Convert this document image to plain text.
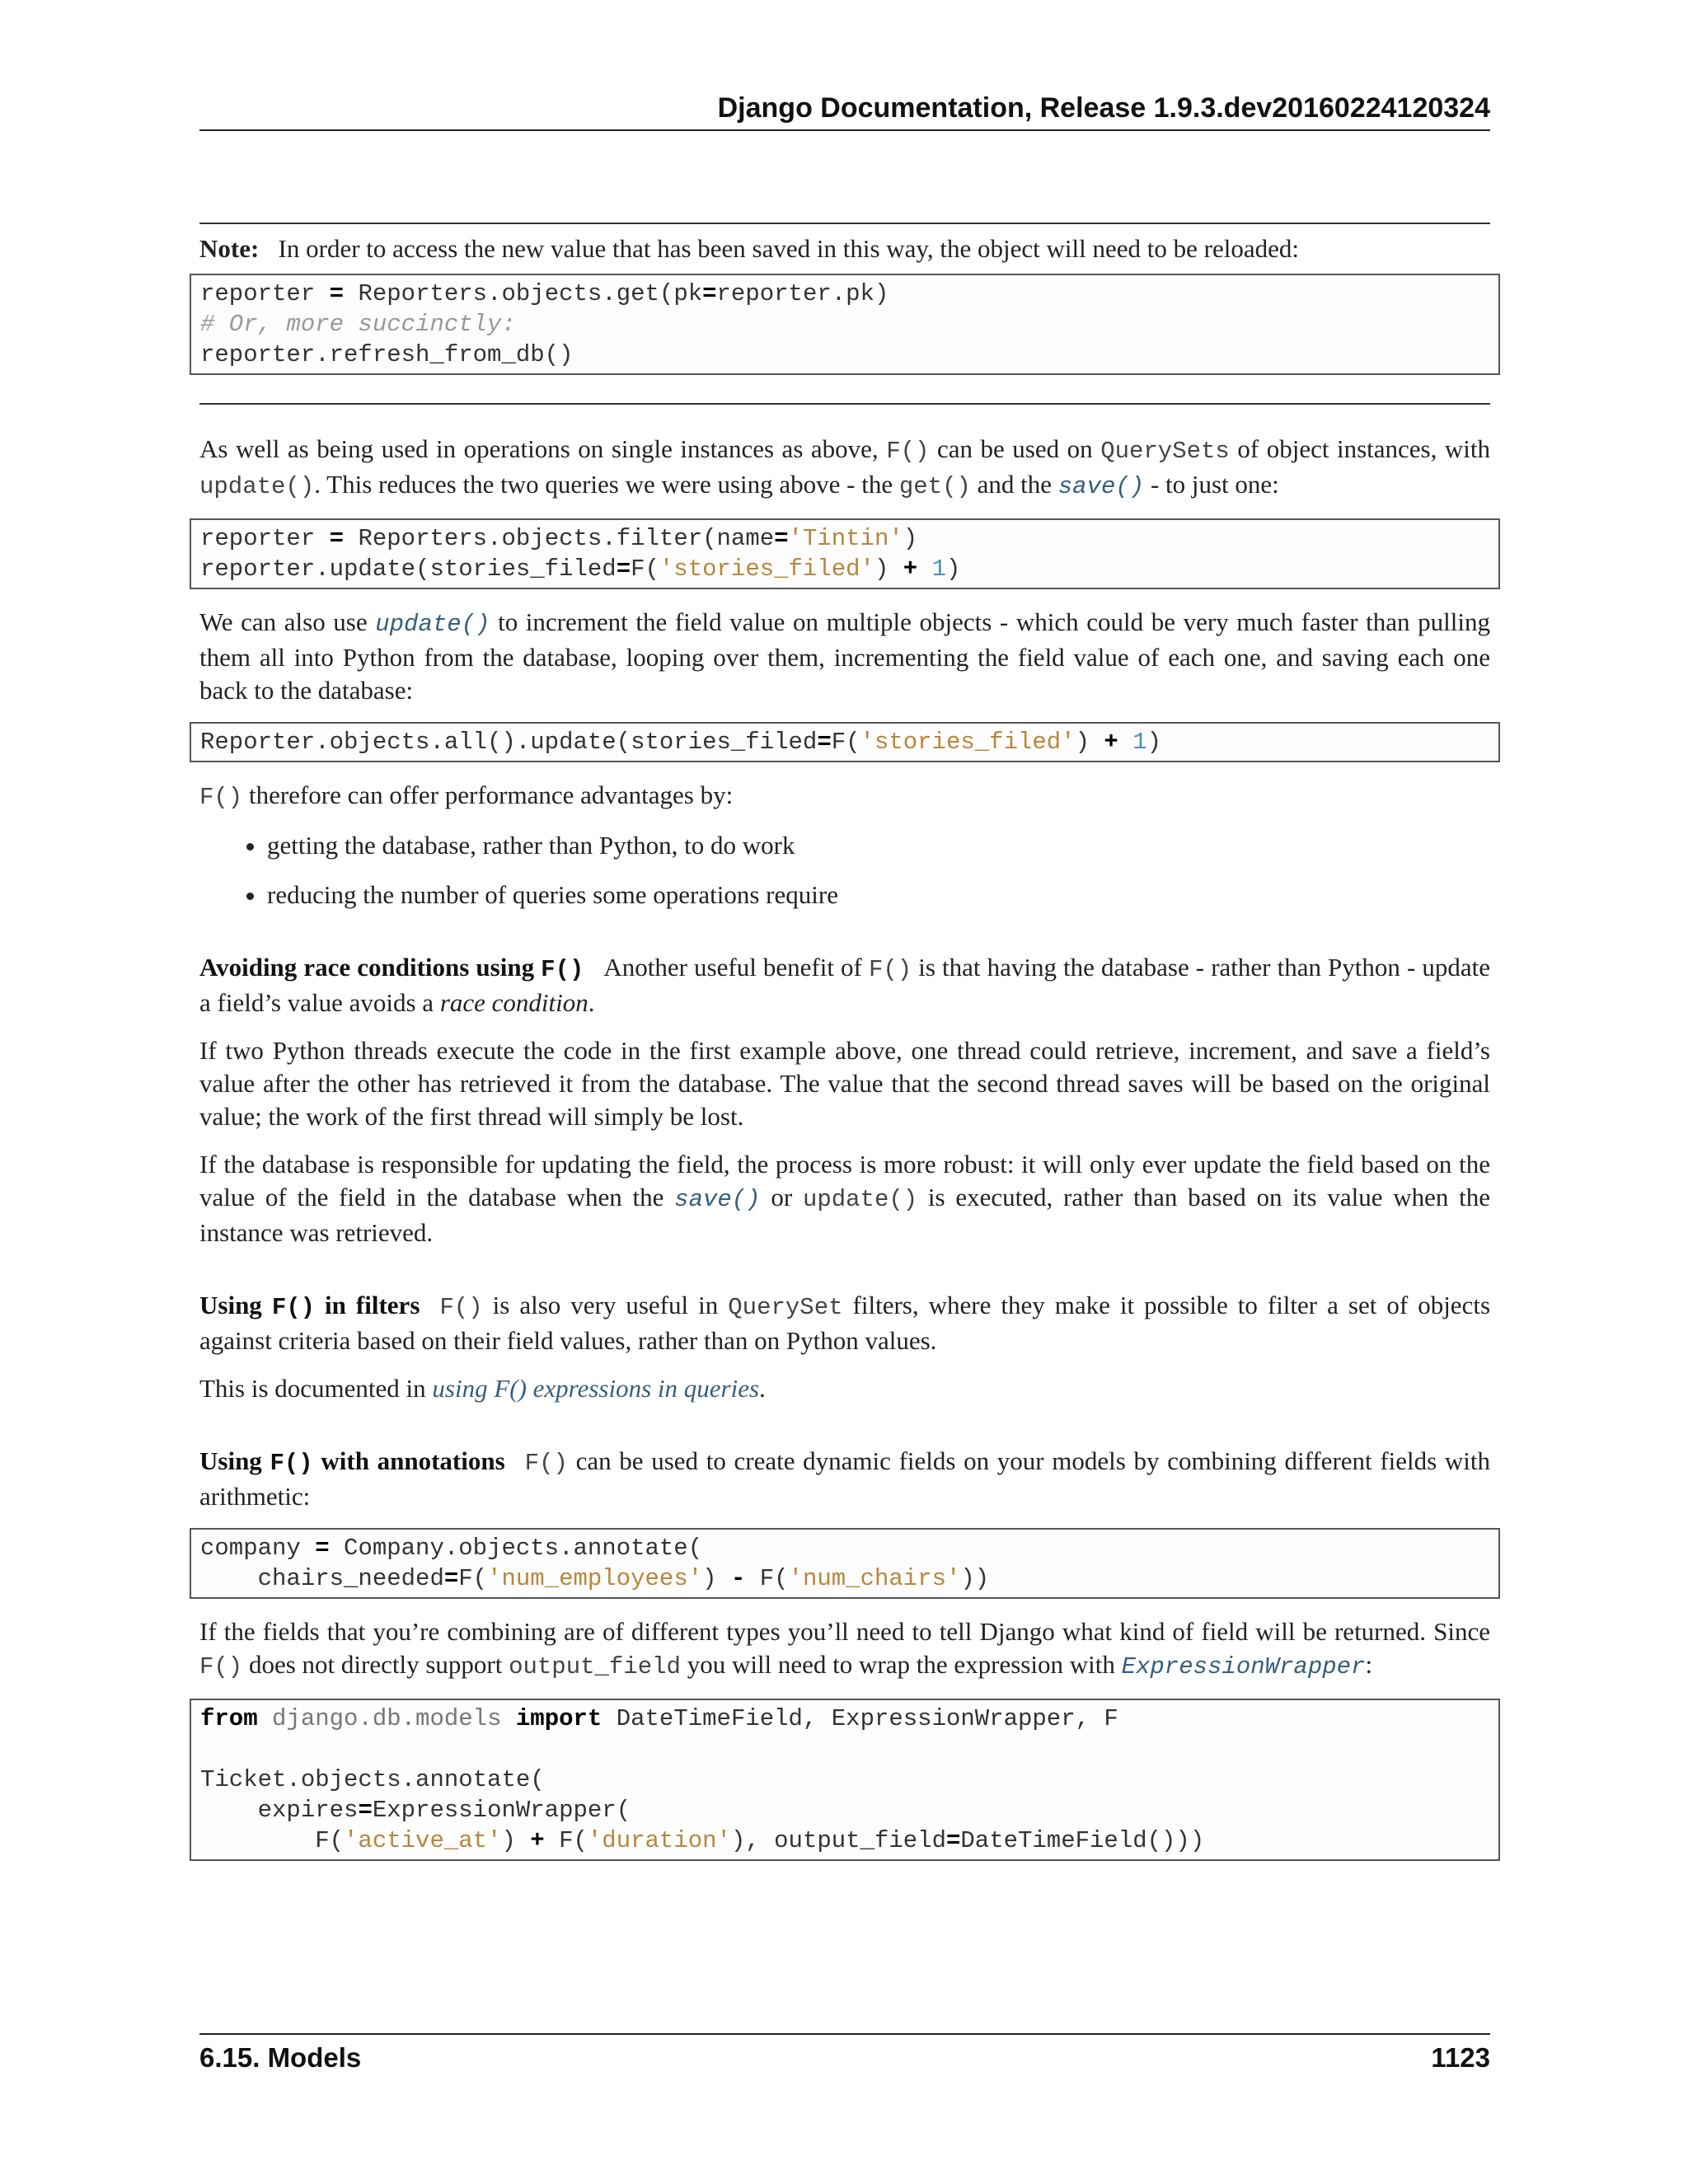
Django Documentation, Release 1.9.3.dev20160224120324

Note: In order to access the new value that has been saved in this way, the object will need to be reloaded:

reporter = Reporters.objects.get(pk=reporter.pk)
# Or, more succinctly:
reporter.refresh_from_db()

As well as being used in operations on single instances as above, F() can be used on QuerySets of object instances, with update(). This reduces the two queries we were using above - the get() and the save() - to just one:

reporter = Reporters.objects.filter(name='Tintin')
reporter.update(stories_filed=F('stories_filed') + 1)

We can also use update() to increment the field value on multiple objects - which could be very much faster than pulling them all into Python from the database, looping over them, incrementing the field value of each one, and saving each one back to the database:

Reporter.objects.all().update(stories_filed=F('stories_filed') + 1)

F() therefore can offer performance advantages by:

• getting the database, rather than Python, to do work
• reducing the number of queries some operations require

Avoiding race conditions using F() Another useful benefit of F() is that having the database - rather than Python - update a field’s value avoids a race condition.

If two Python threads execute the code in the first example above, one thread could retrieve, increment, and save a field’s value after the other has retrieved it from the database. The value that the second thread saves will be based on the original value; the work of the first thread will simply be lost.

If the database is responsible for updating the field, the process is more robust: it will only ever update the field based on the value of the field in the database when the save() or update() is executed, rather than based on its value when the instance was retrieved.

Using F() in filters F() is also very useful in QuerySet filters, where they make it possible to filter a set of objects against criteria based on their field values, rather than on Python values.

This is documented in using F() expressions in queries.

Using F() with annotations F() can be used to create dynamic fields on your models by combining different fields with arithmetic:

company = Company.objects.annotate(
chairs_needed=F('num_employees') - F('num_chairs'))

If the fields that you’re combining are of different types you’ll need to tell Django what kind of field will be returned. Since F() does not directly support output_field you will need to wrap the expression with ExpressionWrapper:

from django.db.models import DateTimeField, ExpressionWrapper, F

Ticket.objects.annotate(
expires=ExpressionWrapper(
F('active_at') + F('duration'), output_field=DateTimeField()))
6.15. Models	1123
